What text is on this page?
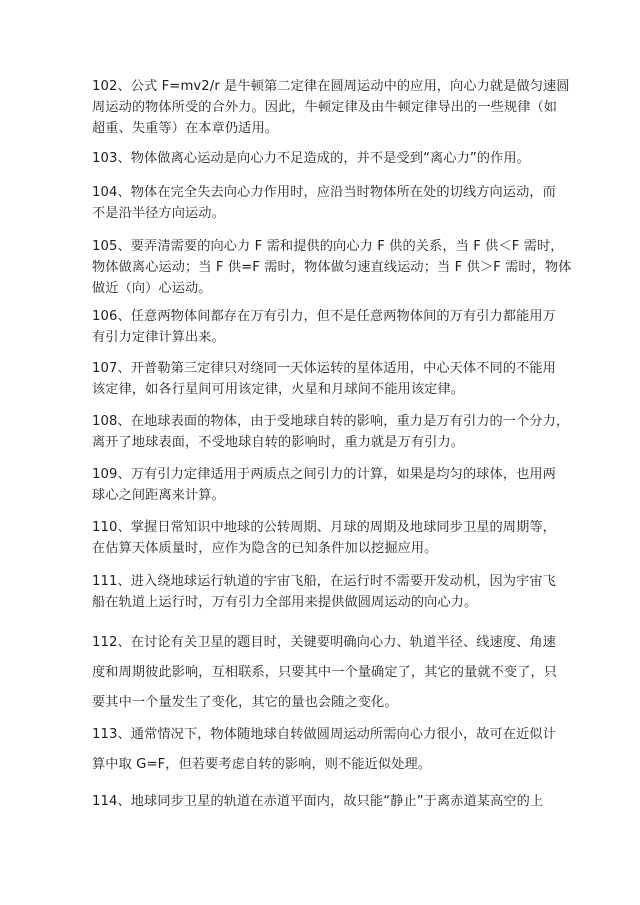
102、公式 F=mv2/r 是牛顿第二定律在圆周运动中的应用，向心力就是做匀速圆
周运动的物体所受的合外力。因此，牛顿定律及由牛顿定律导出的一些规律（如
超重、失重等）在本章仍适用。

103、物体做离心运动是向心力不足造成的，并不是受到“离心力”的作用。

104、物体在完全失去向心力作用时，应沿当时物体所在处的切线方向运动，而
不是沿半径方向运动。

105、要弄清需要的向心力 F 需和提供的向心力 F 供的关系，当 F 供＜F 需时，
物体做离心运动；当 F 供=F 需时，物体做匀速直线运动；当 F 供＞F 需时，物体
做近（向）心运动。

106、任意两物体间都存在万有引力，但不是任意两物体间的万有引力都能用万
有引力定律计算出来。

107、开普勒第三定律只对绕同一天体运转的星体适用，中心天体不同的不能用
该定律，如各行星间可用该定律，火星和月球间不能用该定律。

108、在地球表面的物体，由于受地球自转的影响，重力是万有引力的一个分力，
离开了地球表面，不受地球自转的影响时，重力就是万有引力。

109、万有引力定律适用于两质点之间引力的计算，如果是均匀的球体，也用两
球心之间距离来计算。

110、掌握日常知识中地球的公转周期、月球的周期及地球同步卫星的周期等，
在估算天体质量时，应作为隐含的已知条件加以挖掘应用。

111、进入绕地球运行轨道的宇宙飞船，在运行时不需要开发动机，因为宇宙飞
船在轨道上运行时，万有引力全部用来提供做圆周运动的向心力。

112、在讨论有关卫星的题目时，关键要明确向心力、轨道半径、线速度、角速
度和周期彼此影响，互相联系，只要其中一个量确定了，其它的量就不变了，只
要其中一个量发生了变化，其它的量也会随之变化。

113、通常情况下，物体随地球自转做圆周运动所需向心力很小，故可在近似计
算中取 G=F，但若要考虑自转的影响，则不能近似处理。

114、地球同步卫星的轨道在赤道平面内，故只能“静止”于离赤道某高空的上
